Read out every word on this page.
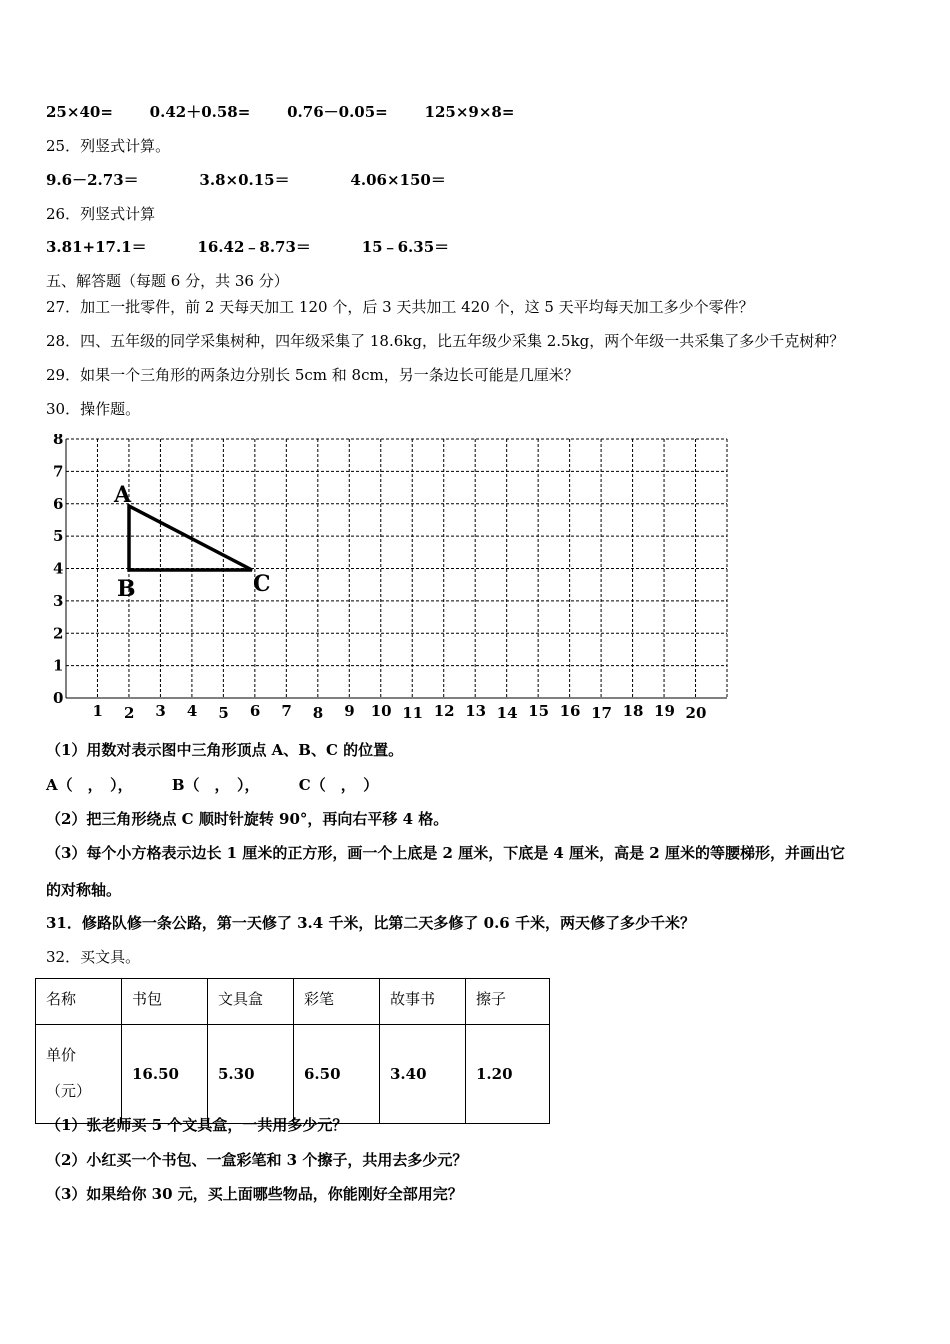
25×40= 0.42＋0.58= 0.76－0.05= 125×9×8=
25．列竖式计算。
9.6－2.73＝	3.8×0.15＝	4.06×150＝
26．列竖式计算
3.81+17.1＝	16.42﹣8.73＝	15﹣6.35＝
五、解答题（每题 6 分，共 36 分）
27．加工一批零件，前 2 天每天加工 120 个，后 3 天共加工 420 个，这 5 天平均每天加工多少个零件？
28．四、五年级的同学采集树种，四年级采集了 18.6kg，比五年级少采集 2.5kg，两个年级一共采集了多少千克树种？
29．如果一个三角形的两条边分别长 5cm 和 8cm，另一条边长可能是几厘米？
30．操作题。
0
1
2
3
4
5
6
7
8
1 2 3 4 5 6 7 8 9 10 11 12 13 14 15 16 17 18 19 20
A
B	C
（1）用数对表示图中三角形顶点 A、B、C 的位置。
A（　，　），	B（　，　），	C（　，　）
（2）把三角形绕点 C 顺时针旋转 90°，再向右平移 4 格。
（3）每个小方格表示边长 1 厘米的正方形，画一个上底是 2 厘米，下底是 4 厘米，高是 2 厘米的等腰梯形，并画出它
的对称轴。
31．修路队修一条公路，第一天修了 3.4 千米，比第二天多修了 0.6 千米，两天修了多少千米？
32．买文具。
名称	书包	文具盒	彩笔	故事书	擦子

单价
（元）	16.50	5.30	6.50	3.40	1.20
（1）张老师买 5 个文具盒，一共用多少元？
（2）小红买一个书包、一盒彩笔和 3 个擦子，共用去多少元？
（3）如果给你 30 元，买上面哪些物品，你能刚好全部用完？
